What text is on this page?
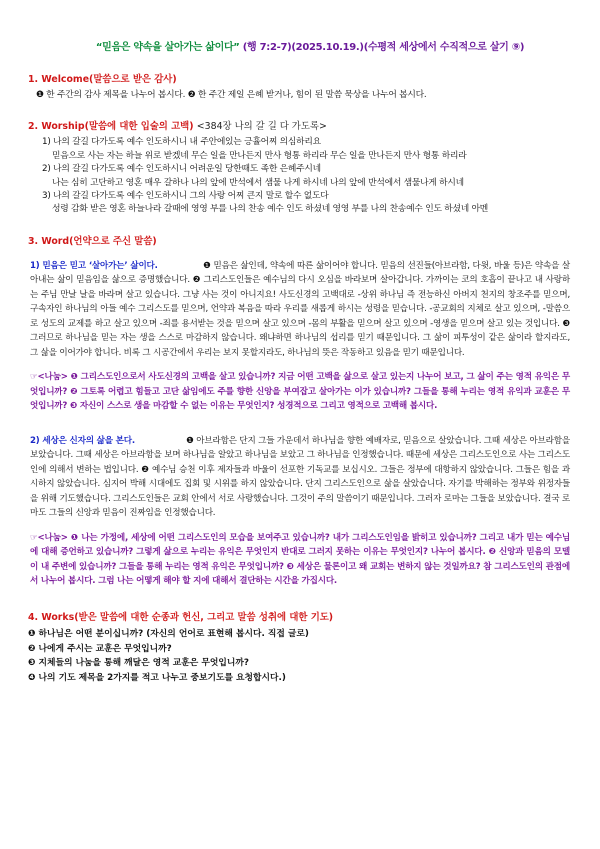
“믿음은 약속을 살아가는 삶이다” (행 7:2-7)(2025.10.19.)(수평적 세상에서 수직적으로 살기 ⑨)
1. Welcome(말씀으로 받은 감사)

❶ 한 주간의 감사 제목을 나누어 봅시다. ❷ 한 주간 제일 은혜 받거나, 힘이 된 말씀 묵상을 나누어 봅시다.

2. Worship(말씀에 대한 입술의 고백) <384장 나의 갈 길 다 가도록>

1) 나의 갈길 다가도록 예수 인도하시니 내 주안에있는 긍휼어찌 의심하리요

믿음으로 사는 자는 하늘 위로 받겠네 무슨 일을 만나든지 만사 형통 하리라 무슨 일을 만나든지 만사 형통 하리라

2) 나의 갈길 다가도록 예수 인도하시니 어려운일 당한때도 족한 은혜주시네

나는 심히 고단하고 영혼 매우 갈하나 나의 앞에 반석에서 샘물 나게 하시네 나의 앞에 반석에서 샘물나게 하시네

3) 나의 갈길 다가도록 예수 인도하시니 그의 사랑 어찌 큰지 말로 할수 없도다

성령 감화 받은 영혼 하늘나라 갈때에 영영 부를 나의 찬송 예수 인도 하셨네 영영 부를 나의 찬송예수 인도 하셨네 아멘

3. Word(언약으로 주신 말씀)

1) 믿음은 믿고 ‘살아가는’ 삶이다.	❶ 믿음은 삶인데, 약속에 따른 삶이어야 합니다. 믿음의 선진들(아브라함, 다윗, 바울 등)은 약속을 살아내는 삶이 믿음임을 삶으로 증명했습니다. ❷ 그리스도인들은 예수님의 다시 오심을 바라보며 살아갑니다. 가까이는 코의 호흡이 끝나고 내 사랑하는 주님 만날 날을 바라며 살고 있습니다. 그냥 사는 것이 아니지요! 사도신경의 고백대로 -상위 하나님 즉 전능하신 아버지 천지의 창조주를 믿으며, 구속자인 하나님의 아들 예수 그리스도를 믿으며, 언약과 복음을 따라 우리를 새롭게 하시는 성령을 믿습니다. -공교회의 지체로 살고 있으며, -말씀으로 성도의 교제를 하고 살고 있으며 -죄를 용서받는 것을 믿으며 살고 있으며 -몸의 부활을 믿으며 살고 있으며 -영생을 믿으며 살고 있는 것입니다. ❸ 그러므로 하나님을 믿는 자는 생을 스스로 마감하지 않습니다. 왜냐하면 하나님의 섭리를 믿기 때문입니다. 그 삶이 피투성이 같은 삶이라 할지라도, 그 삶을 이어가야 합니다. 비록 그 시공간에서 우리는 보지 못할지라도, 하나님의 뜻은 작동하고 있음을 믿기 때문입니다.

☞<나눔> ❶ 그리스도인으로서 사도신경의 고백을 살고 있습니까? 지금 어떤 고백을 삶으로 살고 있는지 나누어 보고, 그 삶이 주는 영적 유익은 무엇입니까? ❷ 그토록 어렵고 힘들고 고단 삶임에도 주를 향한 신앙을 부여잡고 살아가는 이가 있습니까? 그들을 통해 누리는 영적 유익과 교훈은 무엇입니까? ❸ 자신이 스스로 생을 마감할 수 없는 이유는 무엇인지? 성경적으로 그리고 영적으로 고백해 봅시다.

2) 세상은 신자의 삶을 본다.	❶ 아브라함은 단지 그들 가운데서 하나님을 향한 예배자로, 믿음으로 살았습니다. 그때 세상은 아브라함을 보았습니다. 그때 세상은 아브라함을 보며 하나님을 알았고 하나님을 보았고 그 하나님을 인정했습니다. 때문에 세상은 그리스도인으로 사는 그리스도인에 의해서 변하는 법입니다. ❷ 예수님 승천 이후 제자들과 바울이 선포한 기독교를 보십시오. 그들은 정부에 대항하지 않았습니다. 그들은 힘을 과시하지 않았습니다. 심지어 박해 시대에도 집회 및 시위를 하지 않았습니다. 단지 그리스도인으로 삶을 살았습니다. 자기를 박해하는 정부와 위정자들을 위해 기도했습니다. 그리스도인들은 교회 안에서 서로 사랑했습니다. 그것이 주의 말씀이기 때문입니다. 그러자 로마는 그들을 보았습니다. 결국 로마도 그들의 신앙과 믿음이 진짜임을 인정했습니다.

☞<나눔> ❶ 나는 가정에, 세상에 어떤 그리스도인의 모습을 보여주고 있습니까? 내가 그리스도인임을 밝히고 있습니까? 그리고 내가 믿는 예수님에 대해 증언하고 있습니까? 그렇게 삶으로 누리는 유익은 무엇인지 반대로 그러지 못하는 이유는 무엇인지? 나누어 봅시다. ❷ 신앙과 믿음의 모델이 내 주변에 있습니까? 그들을 통해 누리는 영적 유익은 무엇입니까? ❸ 세상은 물론이고 왜 교회는 변하지 않는 것일까요? 참 그리스도인의 관점에서 나누어 봅시다. 그럼 나는 어떻게 해야 할 지에 대해서 결단하는 시간을 가집시다.

4. Works(받은 말씀에 대한 순종과 헌신, 그리고 말씀 성취에 대한 기도)

❶ 하나님은 어떤 분이십니까? (자신의 언어로 표현해 봅시다. 직접 글로)

❷ 나에게 주시는 교훈은 무엇입니까?

❸ 지체들의 나눔을 통해 깨달은 영적 교훈은 무엇입니까?

❹ 나의 기도 제목을 2가지를 적고 나누고 중보기도를 요청합시다.)
